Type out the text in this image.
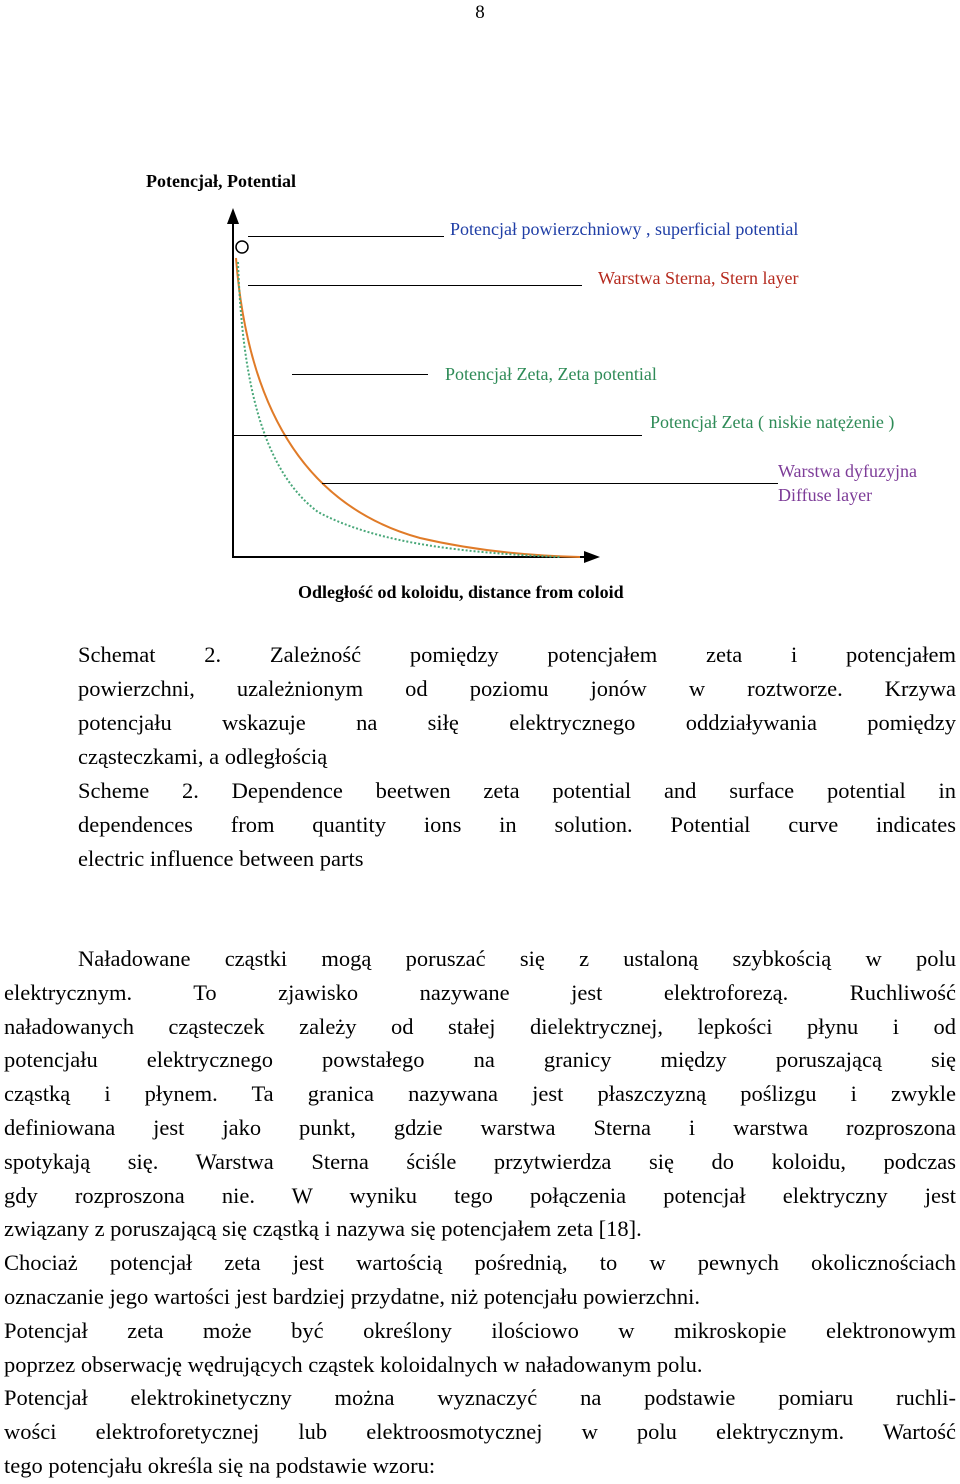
8
Potencjał, Potential
Potencjał powierzchniowy , superficial potential
Warstwa Sterna, Stern layer
Potencjał Zeta, Zeta potential
Potencjał Zeta ( niskie natężenie )
Warstwa dyfuzyjna
Diffuse layer
Odległość od koloidu, distance from coloid

Schemat 2. Zależność pomiędzy potencjałem zeta i potencjałem

powierzchni, uzależnionym od poziomu jonów w roztworze. Krzywa

potencjału wskazuje na siłę elektrycznego oddziaływania pomiędzy

cząsteczkami, a odległością

Scheme 2. Dependence beetwen zeta potential and surface potential in

dependences from quantity ions in solution. Potential curve indicates

electric influence between parts

Naładowane cząstki mogą poruszać się z ustaloną szybkością w polu

elektrycznym. To zjawisko nazywane jest elektroforezą. Ruchliwość

naładowanych cząsteczek zależy od stałej dielektrycznej, lepkości płynu i od

potencjału elektrycznego powstałego na granicy między poruszającą się

cząstką i płynem. Ta granica nazywana jest płaszczyzną poślizgu i zwykle

definiowana jest jako punkt, gdzie warstwa Sterna i warstwa rozproszona

spotykają się. Warstwa Sterna ściśle przytwierdza się do koloidu, podczas

gdy rozproszona nie. W wyniku tego połączenia potencjał elektryczny jest

związany z poruszającą się cząstką i nazywa się potencjałem zeta [18].

Chociaż potencjał zeta jest wartością pośrednią, to w pewnych okolicznościach

oznaczanie jego wartości jest bardziej przydatne, niż potencjału powierzchni.

Potencjał zeta może być określony ilościowo w mikroskopie elektronowym

poprzez obserwację wędrujących cząstek koloidalnych w naładowanym polu.

Potencjał elektrokinetyczny można wyznaczyć na podstawie pomiaru ruchli-

wości elektroforetycznej lub elektroosmotycznej w polu elektrycznym. Wartość

tego potencjału określa się na podstawie wzoru:
